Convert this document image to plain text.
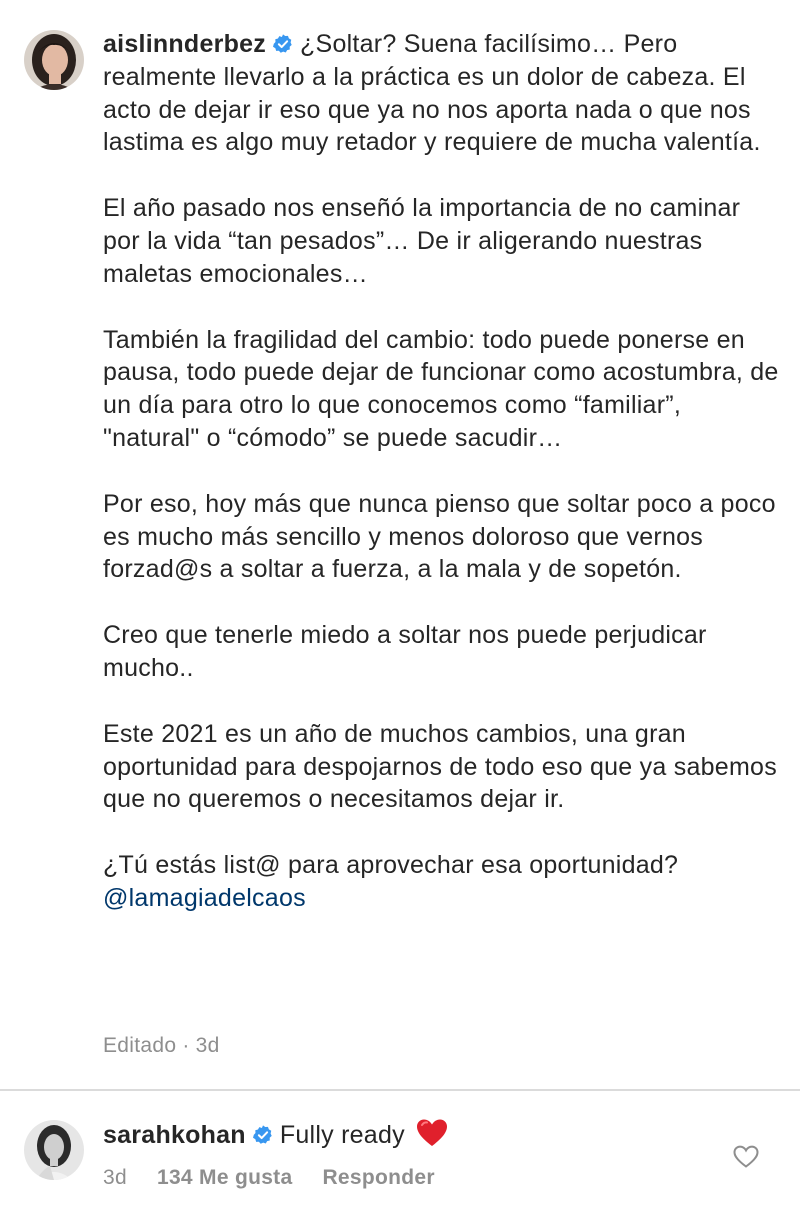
aislinnderbez ¿Soltar? Suena facilísimo… Pero realmente llevarlo a la práctica es un dolor de cabeza. El acto de dejar ir eso que ya no nos aporta nada o que nos lastima es algo muy retador y requiere de mucha valentía.

El año pasado nos enseñó la importancia de no caminar por la vida “tan pesados”… De ir aligerando nuestras maletas emocionales…

También la fragilidad del cambio: todo puede ponerse en pausa, todo puede dejar de funcionar como acostumbra, de un día para otro lo que conocemos como “familiar”, "natural" o “cómodo” se puede sacudir…

Por eso, hoy más que nunca pienso que soltar poco a poco es mucho más sencillo y menos doloroso que vernos forzad@s a soltar a fuerza, a la mala y de sopetón.

Creo que tenerle miedo a soltar nos puede perjudicar mucho..

Este 2021 es un año de muchos cambios, una gran oportunidad para despojarnos de todo eso que ya sabemos que no queremos o necesitamos dejar ir.

¿Tú estás list@ para aprovechar esa oportunidad?
@lamagiadelcaos

Editado · 3d
sarahkohan Fully ready
3d 134 Me gusta Responder
